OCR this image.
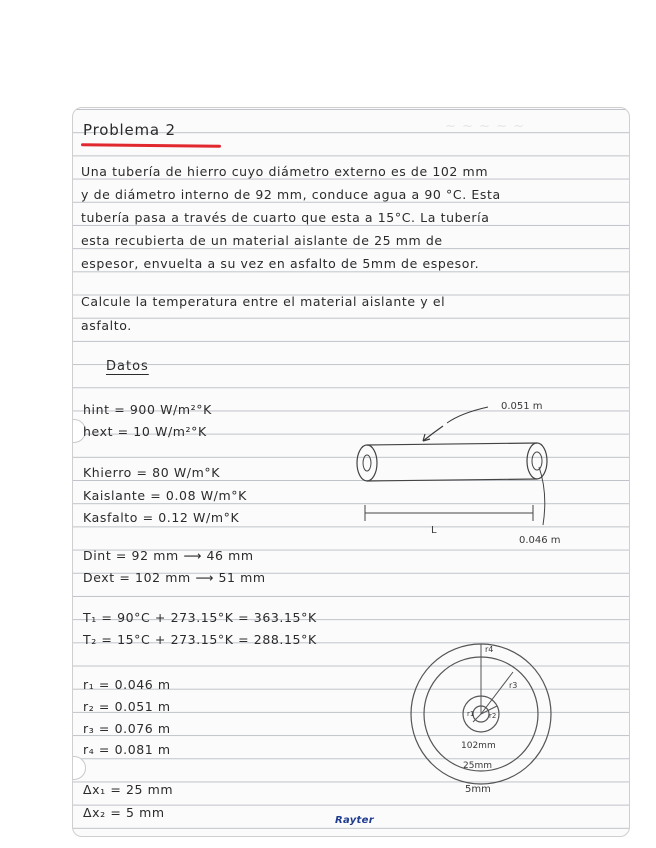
~ ~ ~ ~ ~
Problema 2
Una tubería de hierro cuyo diámetro externo es de 102 mm
y de diámetro interno de 92 mm, conduce agua a 90 °C. Esta
tubería pasa a través de cuarto que esta a 15°C. La tubería
esta recubierta de un material aislante de 25 mm de
espesor, envuelta a su vez en asfalto de 5mm de espesor.
Calcule la temperatura entre el material aislante y el
asfalto.
Datos
hint = 900 W/m²°K
hext = 10 W/m²°K
Khierro = 80 W/m°K
Kaislante = 0.08 W/m°K
Kasfalto = 0.12 W/m°K
Dint = 92 mm ⟶ 46 mm
Dext = 102 mm ⟶ 51 mm
T₁ = 90°C + 273.15°K = 363.15°K
T₂ = 15°C + 273.15°K = 288.15°K
r₁ = 0.046 m
r₂ = 0.051 m
r₃ = 0.076 m
r₄ = 0.081 m
Δx₁ = 25 mm
Δx₂ = 5 mm
0.051 m
L
0.046 m
r4
r3
r2
r1
102mm
25mm
5mm
Rayter
